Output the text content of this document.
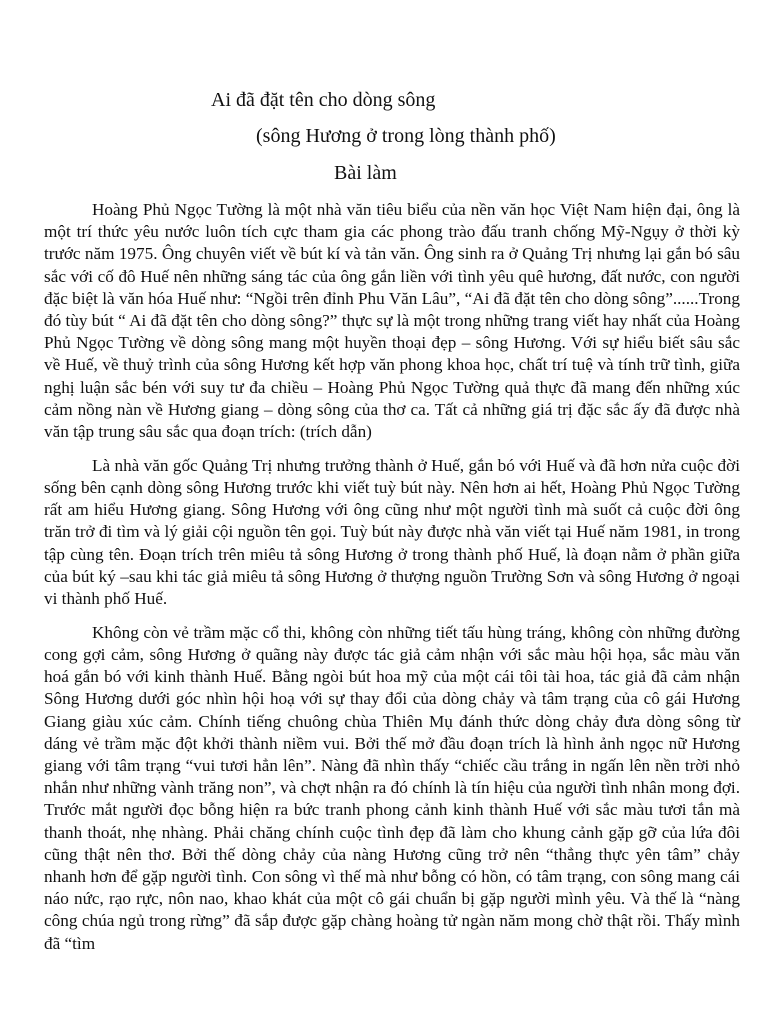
Ai đã đặt tên cho dòng sông
(sông Hương ở trong lòng thành phố)
Bài làm

Hoàng Phủ Ngọc Tường là một nhà văn tiêu biểu của nền văn học Việt Nam hiện đại, ông là một trí thức yêu nước luôn tích cực tham gia các phong trào đấu tranh chống Mỹ-Ngụy ở thời kỳ trước năm 1975. Ông chuyên viết về bút kí và tản văn. Ông sinh ra ở Quảng Trị nhưng lại gắn bó sâu sắc với cố đô Huế nên những sáng tác của ông gắn liền với tình yêu quê hương, đất nước, con người đặc biệt là văn hóa Huế như: “Ngồi trên đỉnh Phu Văn Lâu”, “Ai đã đặt tên cho dòng sông”......Trong đó tùy bút “ Ai đã đặt tên cho dòng sông?” thực sự là một trong những trang viết hay nhất của Hoàng Phủ Ngọc Tường về dòng sông mang một huyền thoại đẹp – sông Hương. Với sự hiểu biết sâu sắc về Huế, về thuỷ trình của sông Hương kết hợp văn phong khoa học, chất trí tuệ và tính trữ tình, giữa nghị luận sắc bén với suy tư đa chiều – Hoàng Phủ Ngọc Tường quả thực đã mang đến những xúc cảm nồng nàn về Hương giang – dòng sông của thơ ca. Tất cả những giá trị đặc sắc ấy đã được nhà văn tập trung sâu sắc qua đoạn trích: (trích dẫn)

Là nhà văn gốc Quảng Trị nhưng trưởng thành ở Huế, gắn bó với Huế và đã hơn nửa cuộc đời sống bên cạnh dòng sông Hương trước khi viết tuỳ bút này. Nên hơn ai hết, Hoàng Phủ Ngọc Tường rất am hiểu Hương giang. Sông Hương với ông cũng như một người tình mà suốt cả cuộc đời ông trăn trở đi tìm và lý giải cội nguồn tên gọi. Tuỳ bút này được nhà văn viết tại Huế năm 1981, in trong tập cùng tên. Đoạn trích trên miêu tả sông Hương ở trong thành phố Huế, là đoạn nằm ở phần giữa của bút ký –sau khi tác giả miêu tả sông Hương ở thượng nguồn Trường Sơn và sông Hương ở ngoại vi thành phố Huế.

Không còn vẻ trầm mặc cổ thi, không còn những tiết tấu hùng tráng, không còn những đường cong gợi cảm, sông Hương ở quãng này được tác giả cảm nhận với sắc màu hội họa, sắc màu văn hoá gắn bó với kinh thành Huế. Bằng ngòi bút hoa mỹ của một cái tôi tài hoa, tác giả đã cảm nhận Sông Hương dưới góc nhìn hội hoạ với sự thay đổi của dòng chảy và tâm trạng của cô gái Hương Giang giàu xúc cảm. Chính tiếng chuông chùa Thiên Mụ đánh thức dòng chảy đưa dòng sông từ dáng vẻ trầm mặc đột khởi thành niềm vui. Bởi thế mở đầu đoạn trích là hình ảnh ngọc nữ Hương giang với tâm trạng “vui tươi hẳn lên”. Nàng đã nhìn thấy “chiếc cầu trắng in ngấn lên nền trời nhỏ nhắn như những vành trăng non”, và chợt nhận ra đó chính là tín hiệu của người tình nhân mong đợi. Trước mắt người đọc bỗng hiện ra bức tranh phong cảnh kinh thành Huế với sắc màu tươi tắn mà thanh thoát, nhẹ nhàng. Phải chăng chính cuộc tình đẹp đã làm cho khung cảnh gặp gỡ của lứa đôi cũng thật nên thơ. Bởi thế dòng chảy của nàng Hương cũng trở nên “thẳng thực yên tâm” chảy nhanh hơn để gặp người tình. Con sông vì thế mà như bỗng có hồn, có tâm trạng, con sông mang cái náo nức, rạo rực, nôn nao, khao khát của một cô gái chuẩn bị gặp người mình yêu. Và thế là “nàng công chúa ngủ trong rừng” đã sắp được gặp chàng hoàng tử ngàn năm mong chờ thật rồi. Thấy mình đã “tìm
